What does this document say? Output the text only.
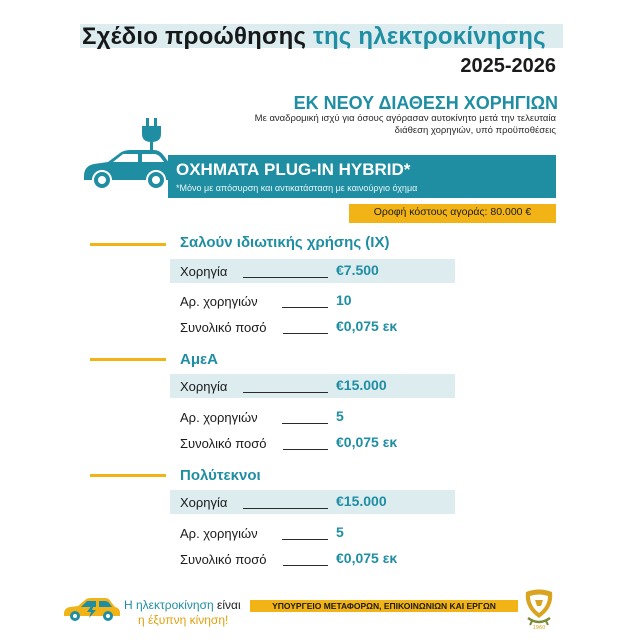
Σχέδιο προώθησης της ηλεκτροκίνησης
2025-2026
ΕΚ ΝΕΟΥ ΔΙΑΘΕΣΗ ΧΟΡΗΓΙΩΝ
Με αναδρομική ισχύ για όσους αγόρασαν αυτοκίνητο μετά την τελευταία διάθεση χορηγιών, υπό προϋποθέσεις
ΟΧΗΜΑΤΑ PLUG-IN HYBRID*
*Μόνο με απόσυρση και αντικατάσταση με καινούργιο όχημα
Οροφή κόστους αγοράς: 80.000 €
Σαλούν ιδιωτικής χρήσης (ΙΧ)
Χορηγία	€7.500
Αρ. χορηγιών	10
Συνολικό ποσό	€0,075 εκ
ΑμεΑ
Χορηγία	€15.000
Αρ. χορηγιών	5
Συνολικό ποσό	€0,075 εκ
Πολύτεκνοι
Χορηγία	€15.000
Αρ. χορηγιών	5
Συνολικό ποσό	€0,075 εκ
Η ηλεκτροκίνηση είναι
η έξυπνη κίνηση!
ΥΠΟΥΡΓΕΙΟ ΜΕΤΑΦΟΡΩΝ, ΕΠΙΚΟΙΝΩΝΙΩΝ ΚΑΙ ΕΡΓΩΝ
1960
